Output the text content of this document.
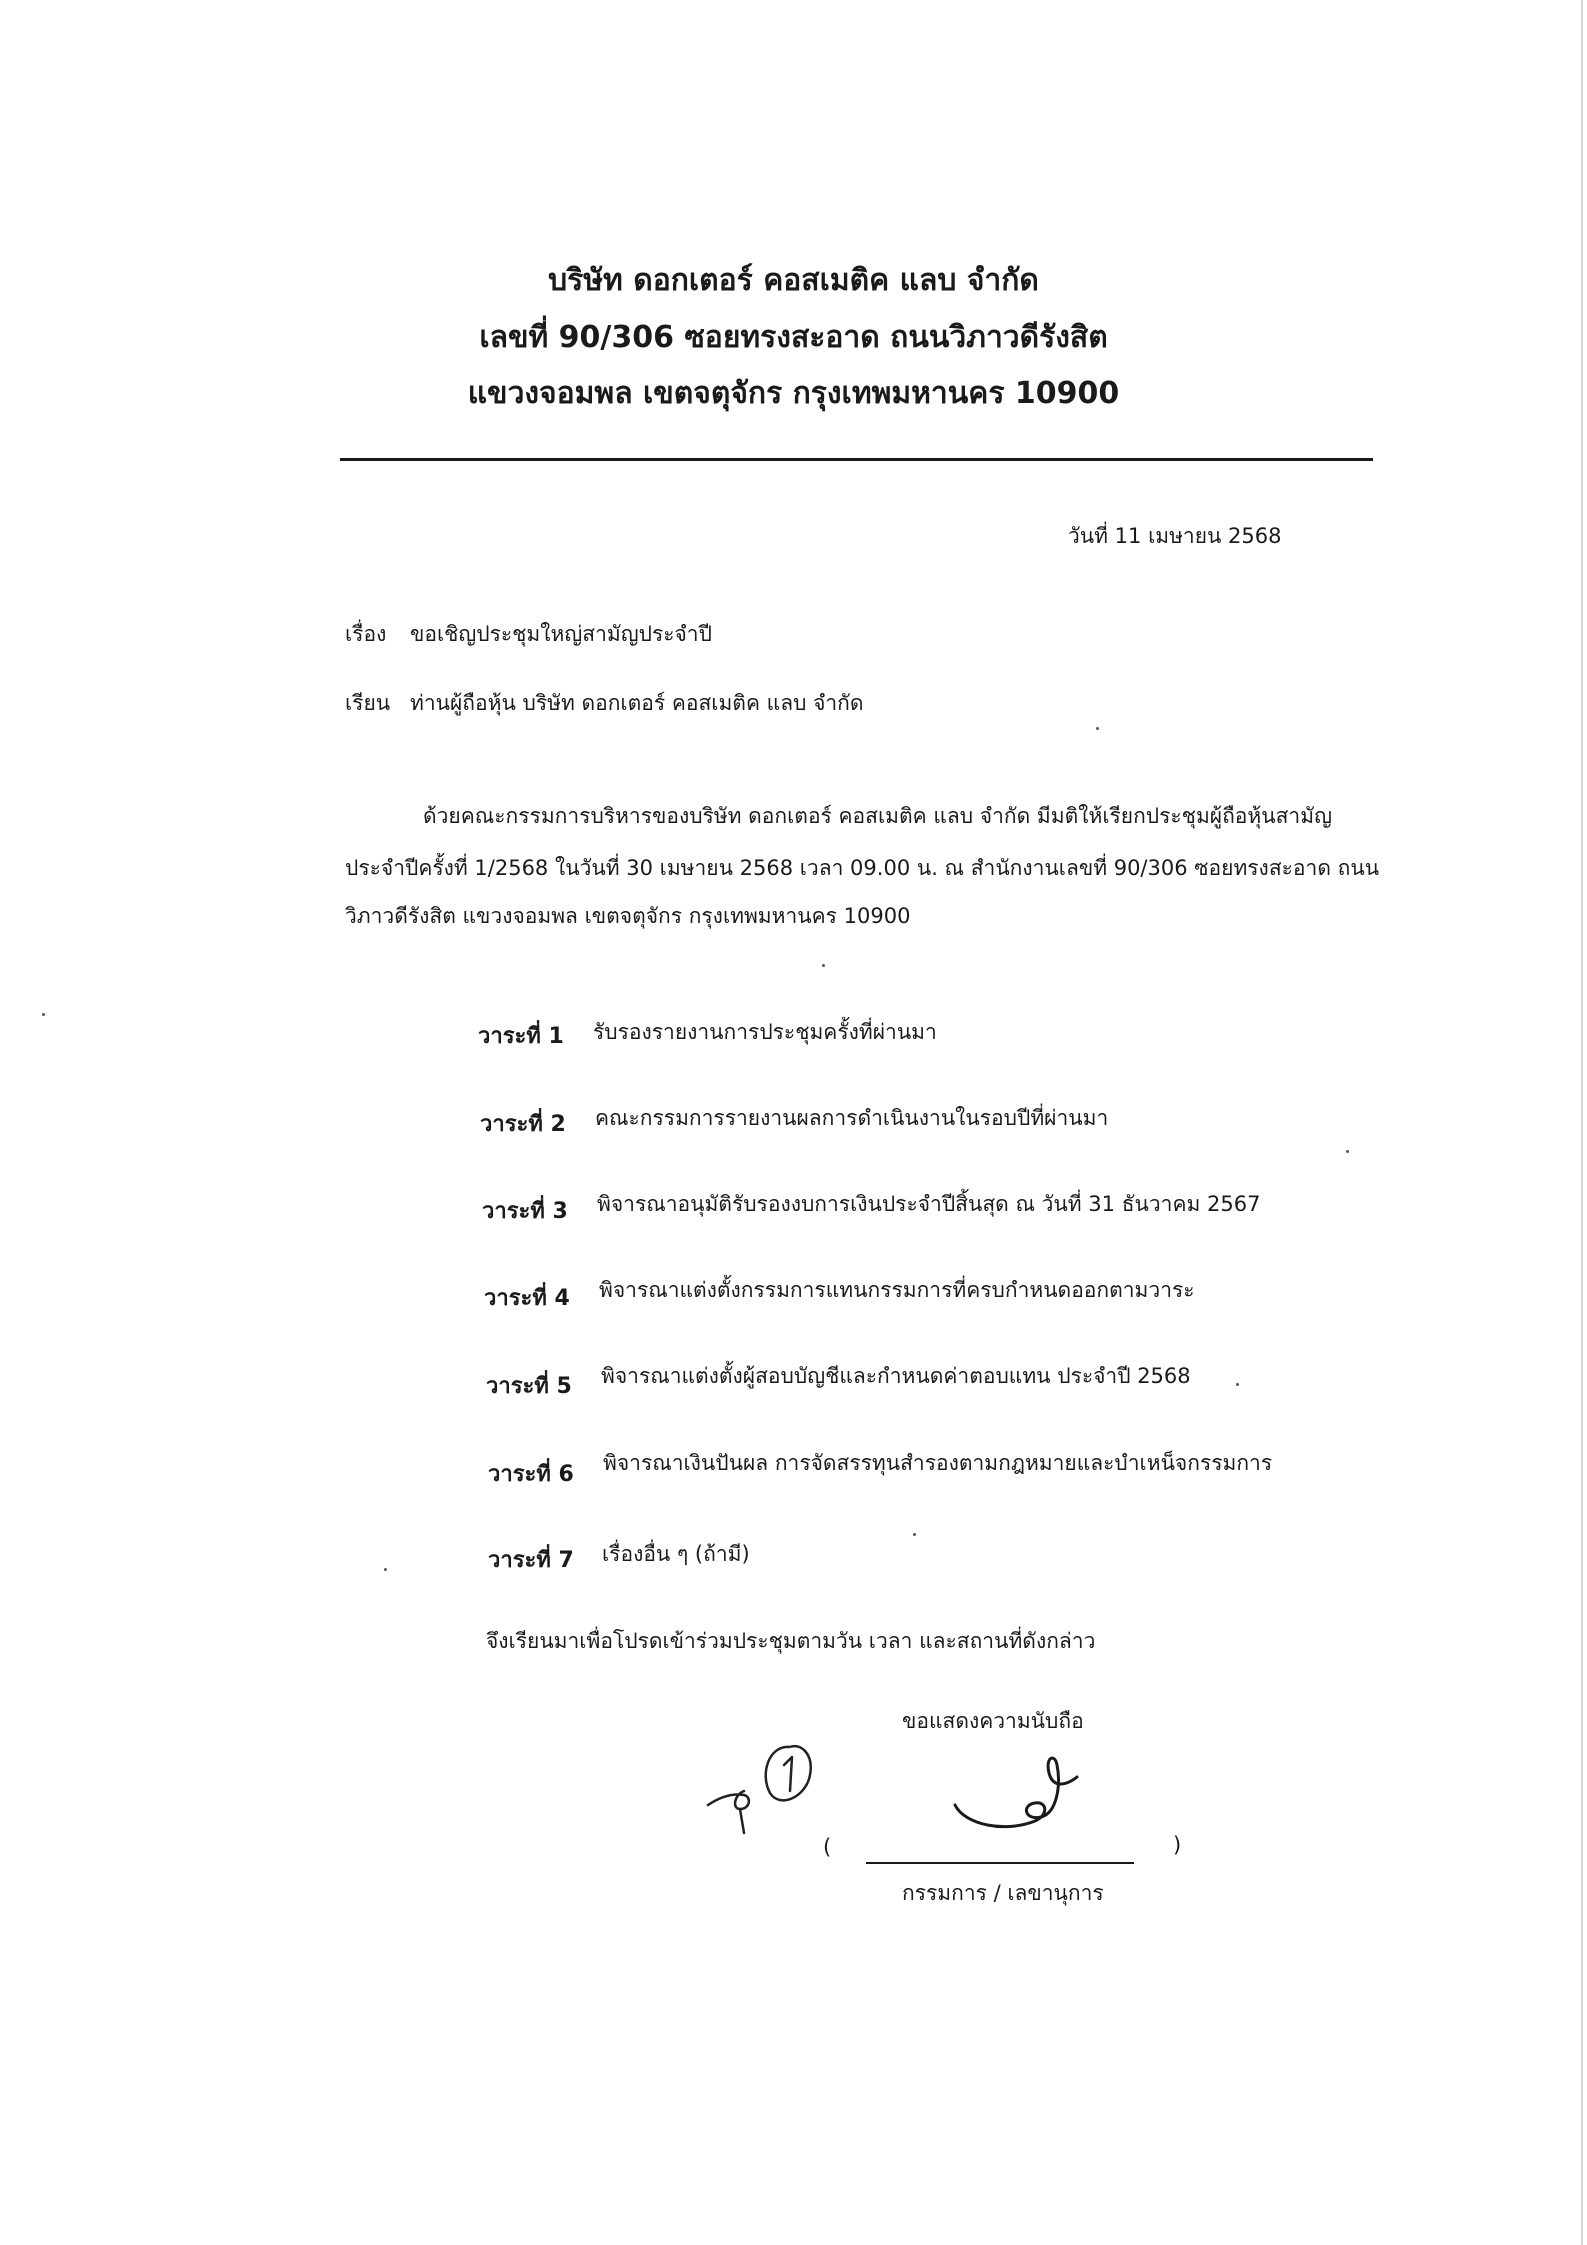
บริษัท ดอกเตอร์ คอสเมติค แลบ จำกัด
เลขที่ 90/306 ซอยทรงสะอาด ถนนวิภาวดีรังสิต
แขวงจอมพล เขตจตุจักร กรุงเทพมหานคร 10900
วันที่ 11 เมษายน 2568
เรื่อง ขอเชิญประชุมใหญ่สามัญประจำปี
เรียน ท่านผู้ถือหุ้น บริษัท ดอกเตอร์ คอสเมติค แลบ จำกัด
ด้วยคณะกรรมการบริหารของบริษัท ดอกเตอร์ คอสเมติค แลบ จำกัด มีมติให้เรียกประชุมผู้ถือหุ้นสามัญ
ประจำปีครั้งที่ 1/2568 ในวันที่ 30 เมษายน 2568 เวลา 09.00 น. ณ สำนักงานเลขที่ 90/306 ซอยทรงสะอาด ถนน
วิภาวดีรังสิต แขวงจอมพล เขตจตุจักร กรุงเทพมหานคร 10900
วาระที่ 1 รับรองรายงานการประชุมครั้งที่ผ่านมา
วาระที่ 2 คณะกรรมการรายงานผลการดำเนินงานในรอบปีที่ผ่านมา
วาระที่ 3 พิจารณาอนุมัติรับรองงบการเงินประจำปีสิ้นสุด ณ วันที่ 31 ธันวาคม 2567
วาระที่ 4 พิจารณาแต่งตั้งกรรมการแทนกรรมการที่ครบกำหนดออกตามวาระ
วาระที่ 5 พิจารณาแต่งตั้งผู้สอบบัญชีและกำหนดค่าตอบแทน ประจำปี 2568
วาระที่ 6 พิจารณาเงินปันผล การจัดสรรทุนสำรองตามกฎหมายและบำเหน็จกรรมการ
วาระที่ 7 เรื่องอื่น ๆ (ถ้ามี)
จึงเรียนมาเพื่อโปรดเข้าร่วมประชุมตามวัน เวลา และสถานที่ดังกล่าว
ขอแสดงความนับถือ
(	)
กรรมการ / เลขานุการ
